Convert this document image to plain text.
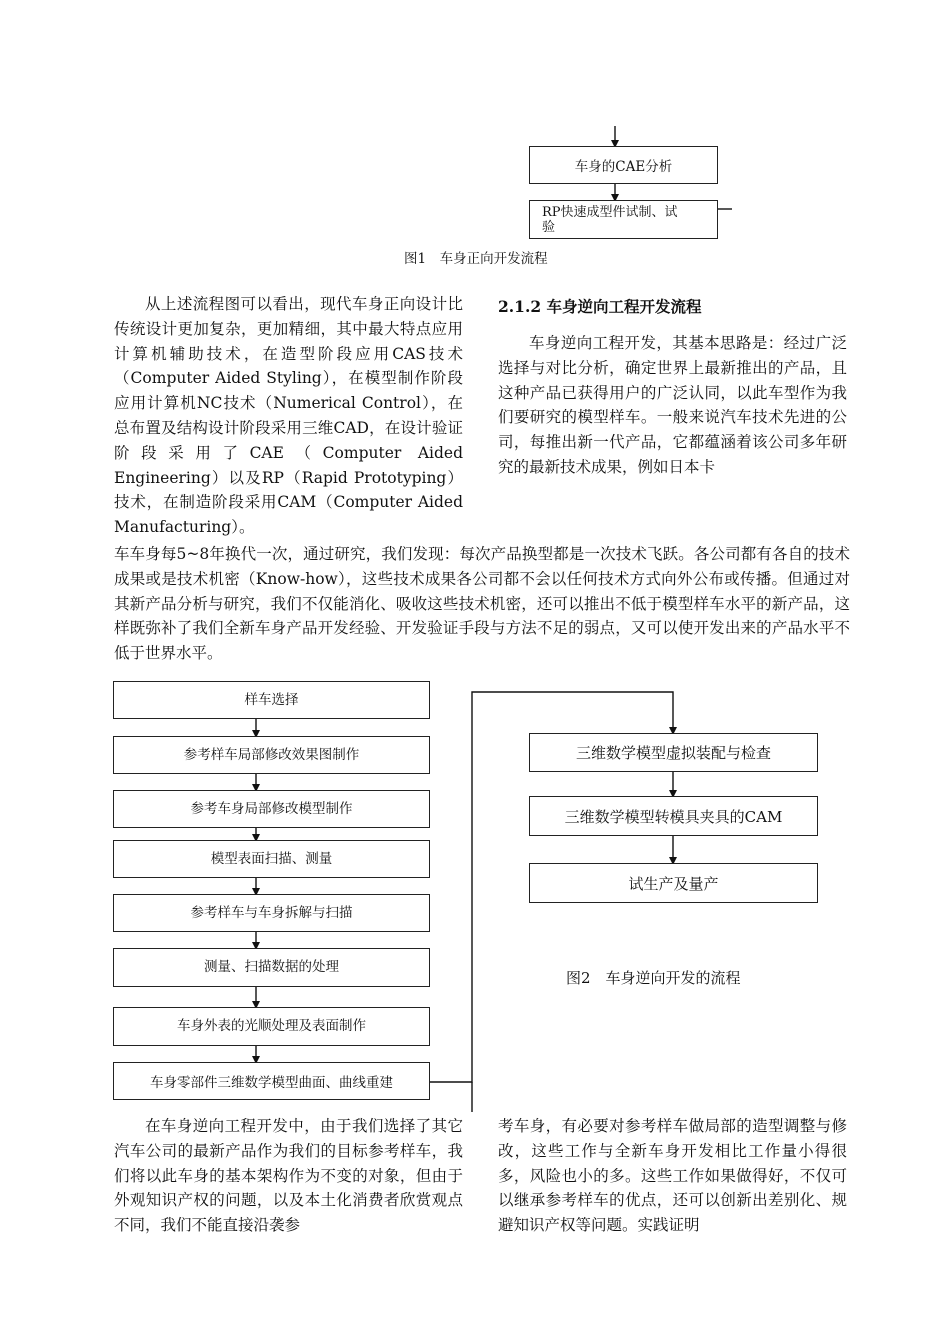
车身的CAE分析
RP快速成型件试制、试
验
图1　车身正向开发流程
从上述流程图可以看出，现代车身正向设计比传统设计更加复杂，更加精细，其中最大特点应用计算机辅助技术，在造型阶段应用CAS技术（Computer Aided Styling），在模型制作阶段应用计算机NC技术（Numerical Control），在总布置及结构设计阶段采用三维CAD，在设计验证阶段采用了CAE（Computer Aided Engineering）以及RP（Rapid Prototyping）技术，在制造阶段采用CAM（Computer Aided Manufacturing）。
2.1.2 车身逆向工程开发流程
车身逆向工程开发，其基本思路是：经过广泛选择与对比分析，确定世界上最新推出的产品，且这种产品已获得用户的广泛认同，以此车型作为我们要研究的模型样车。一般来说汽车技术先进的公司，每推出新一代产品，它都蕴涵着该公司多年研究的最新技术成果，例如日本卡
车车身每5~8年换代一次，通过研究，我们发现：每次产品换型都是一次技术飞跃。各公司都有各自的技术成果或是技术机密（Know-how），这些技术成果各公司都不会以任何技术方式向外公布或传播。但通过对其新产品分析与研究，我们不仅能消化、吸收这些技术机密，还可以推出不低于模型样车水平的新产品，这样既弥补了我们全新车身产品开发经验、开发验证手段与方法不足的弱点，又可以使开发出来的产品水平不低于世界水平。
样车选择
参考样车局部修改效果图制作
参考车身局部修改模型制作
模型表面扫描、测量
参考样车与车身拆解与扫描
测量、扫描数据的处理
车身外表的光顺处理及表面制作
车身零部件三维数学模型曲面、曲线重建
三维数学模型虚拟装配与检查
三维数学模型转模具夹具的CAM
试生产及量产
图2　车身逆向开发的流程
在车身逆向工程开发中，由于我们选择了其它汽车公司的最新产品作为我们的目标参考样车，我们将以此车身的基本架构作为不变的对象，但由于外观知识产权的问题，以及本土化消费者欣赏观点不同，我们不能直接沿袭参
考车身，有必要对参考样车做局部的造型调整与修改，这些工作与全新车身开发相比工作量小得很多，风险也小的多。这些工作如果做得好，不仅可以继承参考样车的优点，还可以创新出差别化、规避知识产权等问题。实践证明
